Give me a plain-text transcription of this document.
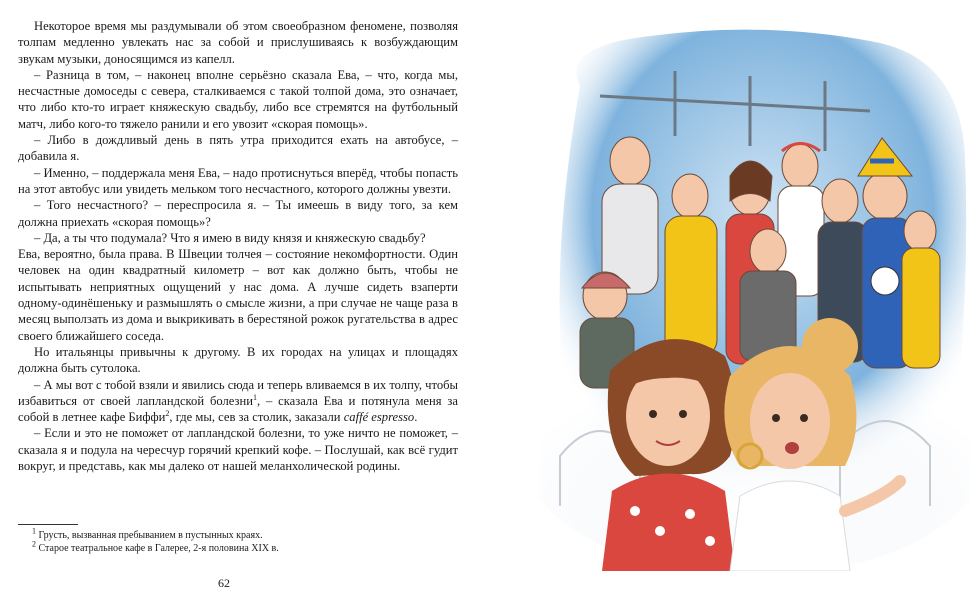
Некоторое время мы раздумывали об этом своеобразном феномене, позволяя толпам медленно увлекать нас за собой и прислушиваясь к возбуждающим звукам музыки, доносящимся из капелл.

– Разница в том, – наконец вполне серьёзно сказала Ева, – что, когда мы, несчастные домоседы с севера, сталкиваемся с такой толпой дома, это означает, что либо кто-то играет княжескую свадьбу, либо все стремятся на футбольный матч, либо кого-то тяжело ранили и его увозит «скорая помощь».

– Либо в дождливый день в пять утра приходится ехать на автобусе, – добавила я.

– Именно, – поддержала меня Ева, – надо протиснуться вперёд, чтобы попасть на этот автобус или увидеть мельком того несчастного, которого должны увезти.

– Того несчастного? – переспросила я. – Ты имеешь в виду того, за кем должна приехать «скорая помощь»?

– Да, а ты что подумала? Что я имею в виду князя и княжескую свадьбу?

Ева, вероятно, была права. В Швеции толчея – состояние некомфортности. Один человек на один квадратный километр – вот как должно быть, чтобы не испытывать неприятных ощущений у нас дома. А лучше сидеть взаперти одному-одинёшеньку и размышлять о смысле жизни, а при случае не чаще раза в месяц выползать из дома и выкрикивать в берестяной рожок ругательства в адрес своего ближайшего соседа.

Но итальянцы привычны к другому. В их городах на улицах и площадях должна быть сутолока.

– А мы вот с тобой взяли и явились сюда и теперь вливаемся в их толпу, чтобы избавиться от своей лапландской болезни$^1$, – сказала Ева и потянула меня за собой в летнее кафе Биффи$^2$, где мы, сев за столик, заказали caffé espresso.

– Если и это не поможет от лапландской болезни, то уже ничто не поможет, – сказала я и подула на чересчур горячий крепкий кофе. – Послушай, как всё гудит вокруг, и представь, как мы далеко от нашей меланхолической родины.

$^1$ Грусть, вызванная пребыванием в пустынных краях.
$^2$ Старое театральное кафе в Галерее, 2-я половина XIX в.
62
